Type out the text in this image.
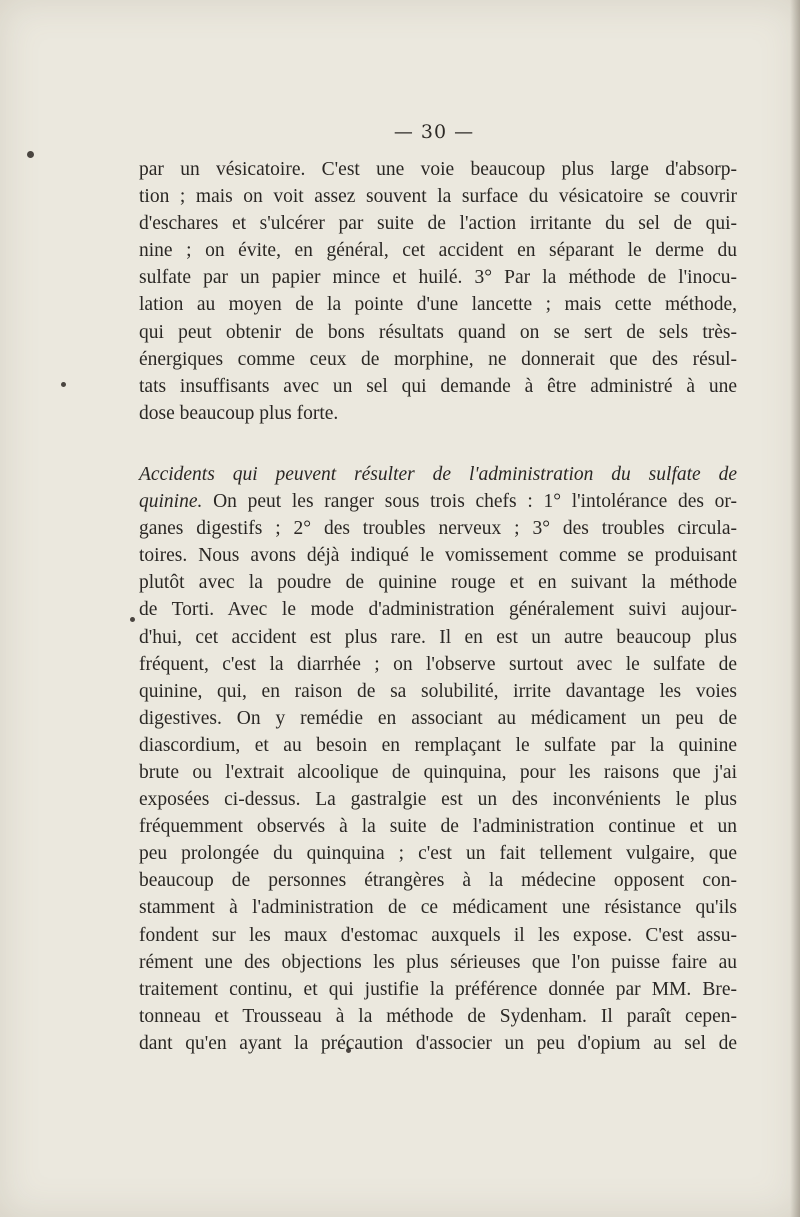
— 30 —
par un vésicatoire. C'est une voie beaucoup plus large d'absorp-
tion ; mais on voit assez souvent la surface du vésicatoire se couvrir
d'eschares et s'ulcérer par suite de l'action irritante du sel de qui-
nine ; on évite, en général, cet accident en séparant le derme du
sulfate par un papier mince et huilé. 3° Par la méthode de l'inocu-
lation au moyen de la pointe d'une lancette ; mais cette méthode,
qui peut obtenir de bons résultats quand on se sert de sels très-
énergiques comme ceux de morphine, ne donnerait que des résul-
tats insuffisants avec un sel qui demande à être administré à une
dose beaucoup plus forte.
Accidents qui peuvent résulter de l'administration du sulfate de
quinine. On peut les ranger sous trois chefs : 1° l'intolérance des or-
ganes digestifs ; 2° des troubles nerveux ; 3° des troubles circula-
toires. Nous avons déjà indiqué le vomissement comme se produisant
plutôt avec la poudre de quinine rouge et en suivant la méthode
de Torti. Avec le mode d'administration généralement suivi aujour-
d'hui, cet accident est plus rare. Il en est un autre beaucoup plus
fréquent, c'est la diarrhée ; on l'observe surtout avec le sulfate de
quinine, qui, en raison de sa solubilité, irrite davantage les voies
digestives. On y remédie en associant au médicament un peu de
diascordium, et au besoin en remplaçant le sulfate par la quinine
brute ou l'extrait alcoolique de quinquina, pour les raisons que j'ai
exposées ci-dessus. La gastralgie est un des inconvénients le plus
fréquemment observés à la suite de l'administration continue et un
peu prolongée du quinquina ; c'est un fait tellement vulgaire, que
beaucoup de personnes étrangères à la médecine opposent con-
stamment à l'administration de ce médicament une résistance qu'ils
fondent sur les maux d'estomac auxquels il les expose. C'est assu-
rément une des objections les plus sérieuses que l'on puisse faire au
traitement continu, et qui justifie la préférence donnée par MM. Bre-
tonneau et Trousseau à la méthode de Sydenham. Il paraît cepen-
dant qu'en ayant la précaution d'associer un peu d'opium au sel de
